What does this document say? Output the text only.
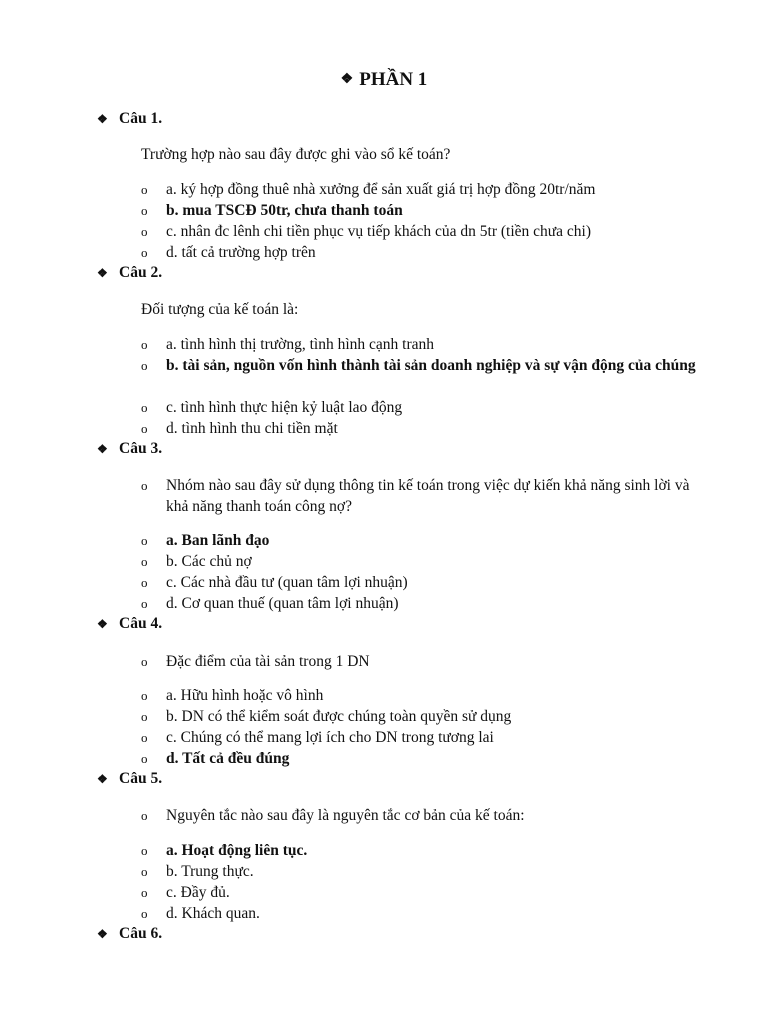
❖ PHẦN 1
❖ Câu 1.
Trường hợp nào sau đây được ghi vào sổ kế toán?
o a. ký hợp đồng thuê nhà xưởng để sản xuất giá trị hợp đồng 20tr/năm
o b. mua TSCĐ 50tr, chưa thanh toán
o c. nhân đc lênh chi tiền phục vụ tiếp khách của dn 5tr (tiền chưa chi)
o d. tất cả trường hợp trên
❖ Câu 2.
Đối tượng của kế toán là:
o a. tình hình thị trường, tình hình cạnh tranh
o b. tài sản, nguồn vốn hình thành tài sản doanh nghiệp và sự vận động của chúng
o c. tình hình thực hiện kỷ luật lao động
o d. tình hình thu chi tiền mặt
❖ Câu 3.
o Nhóm nào sau đây sử dụng thông tin kế toán trong việc dự kiến khả năng sinh lời và khả năng thanh toán công nợ?
o a. Ban lãnh đạo
o b. Các chủ nợ
o c. Các nhà đầu tư (quan tâm lợi nhuận)
o d. Cơ quan thuế (quan tâm lợi nhuận)
❖ Câu 4.
o Đặc điểm của tài sản trong 1 DN
o a. Hữu hình hoặc vô hình
o b. DN có thể kiểm soát được chúng toàn quyền sử dụng
o c. Chúng có thể mang lợi ích cho DN trong tương lai
o d. Tất cả đều đúng
❖ Câu 5.
o Nguyên tắc nào sau đây là nguyên tắc cơ bản của kế toán:
o a. Hoạt động liên tục.
o b. Trung thực.
o c. Đầy đủ.
o d. Khách quan.
❖ Câu 6.
